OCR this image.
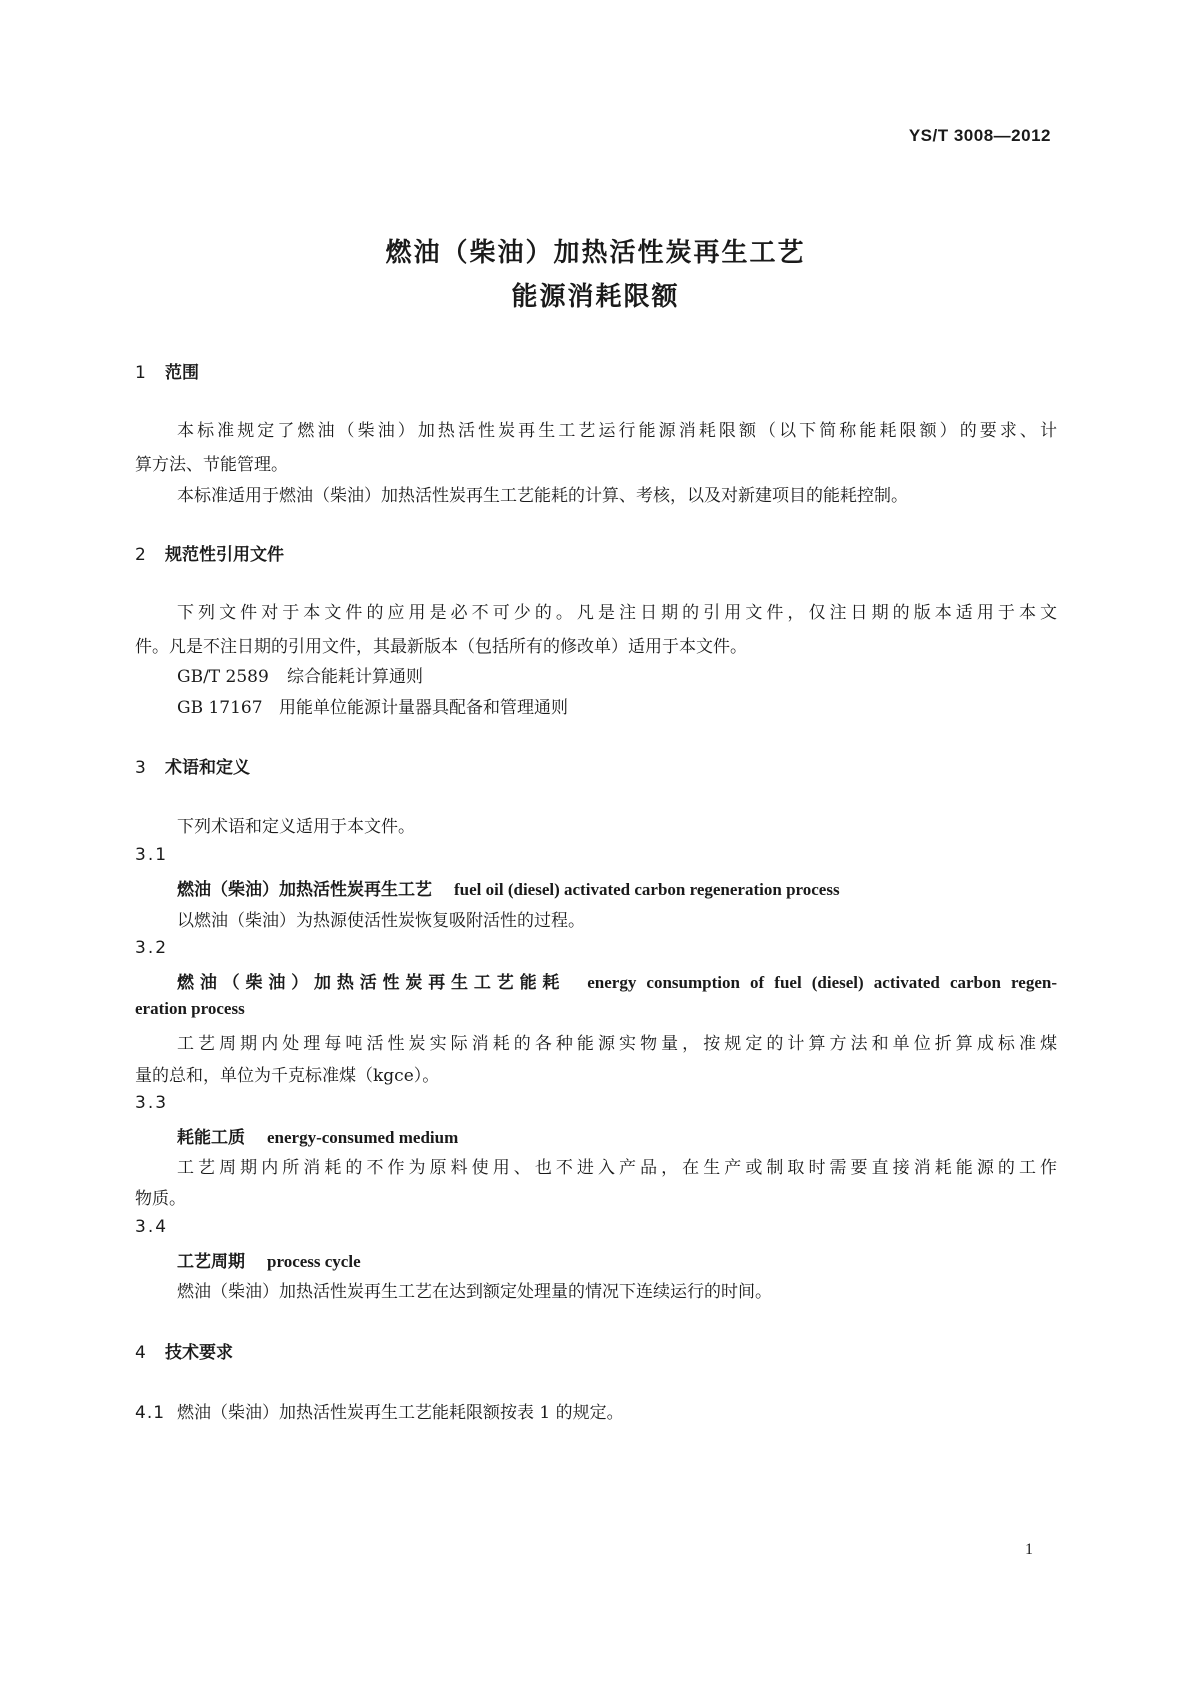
YS/T 3008—2012
燃油（柴油）加热活性炭再生工艺
能源消耗限额
1 范围
本标准规定了燃油（柴油）加热活性炭再生工艺运行能源消耗限额（以下简称能耗限额）的要求、计
算方法、节能管理。
本标准适用于燃油（柴油）加热活性炭再生工艺能耗的计算、考核，以及对新建项目的能耗控制。
2 规范性引用文件
下列文件对于本文件的应用是必不可少的。凡是注日期的引用文件，仅注日期的版本适用于本文
件。凡是不注日期的引用文件，其最新版本（包括所有的修改单）适用于本文件。
GB/T 2589 综合能耗计算通则
GB 17167 用能单位能源计量器具配备和管理通则
3 术语和定义
下列术语和定义适用于本文件。
3.1
燃油（柴油）加热活性炭再生工艺 fuel oil (diesel) activated carbon regeneration process
以燃油（柴油）为热源使活性炭恢复吸附活性的过程。
3.2
燃油（柴油）加热活性炭再生工艺能耗 energy consumption of fuel (diesel) activated carbon regen-
eration process
工艺周期内处理每吨活性炭实际消耗的各种能源实物量，按规定的计算方法和单位折算成标准煤
量的总和，单位为千克标准煤（kgce）。
3.3
耗能工质 energy-consumed medium
工艺周期内所消耗的不作为原料使用、也不进入产品，在生产或制取时需要直接消耗能源的工作
物质。
3.4
工艺周期 process cycle
燃油（柴油）加热活性炭再生工艺在达到额定处理量的情况下连续运行的时间。
4 技术要求
4.1 燃油（柴油）加热活性炭再生工艺能耗限额按表 1 的规定。
1
